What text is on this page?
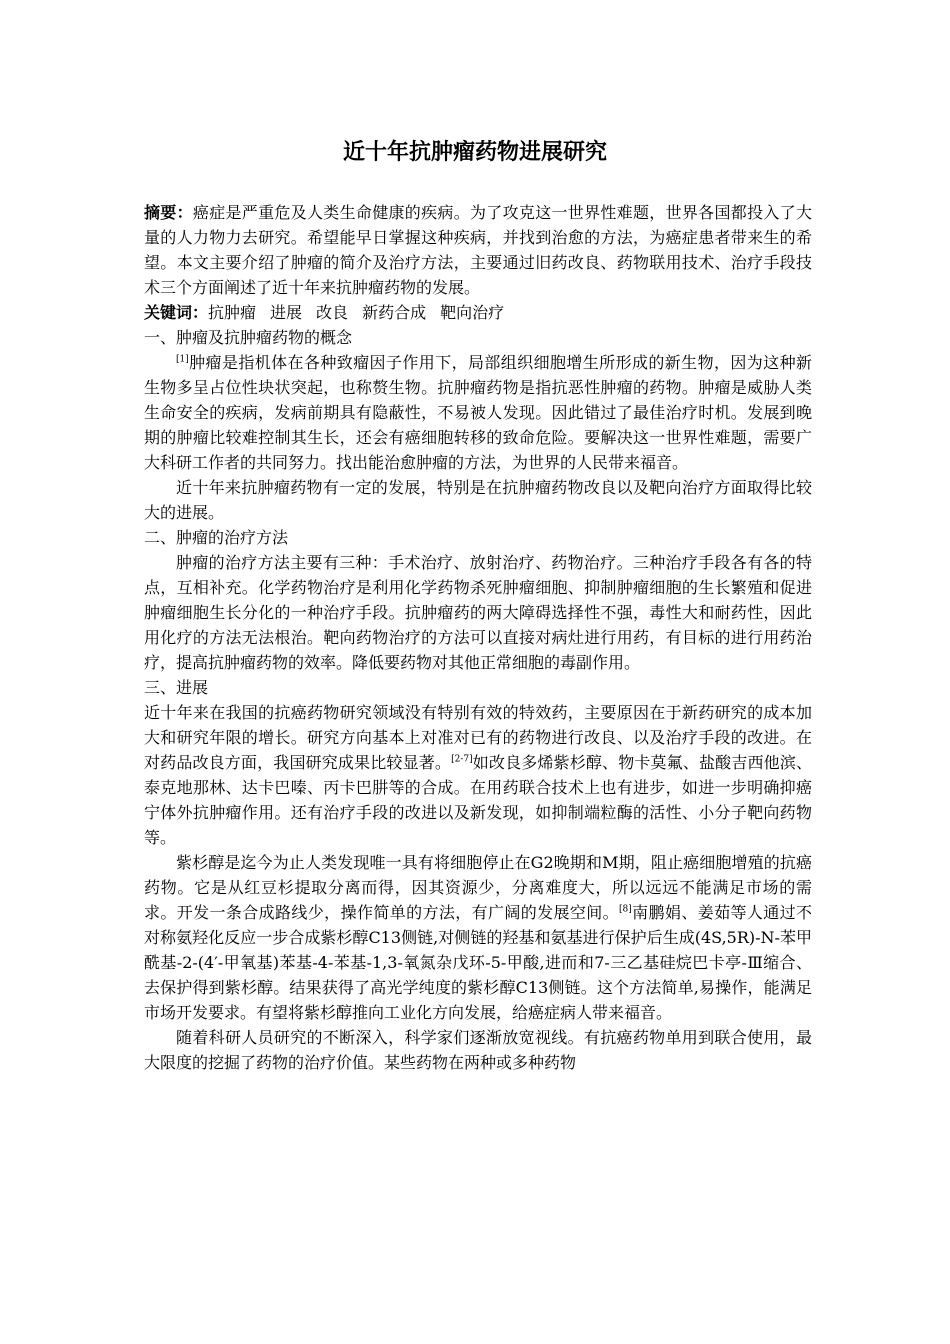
近十年抗肿瘤药物进展研究

摘要：癌症是严重危及人类生命健康的疾病。为了攻克这一世界性难题，世界各国都投入了大量的人力物力去研究。希望能早日掌握这种疾病，并找到治愈的方法，为癌症患者带来生的希望。本文主要介绍了肿瘤的简介及治疗方法，主要通过旧药改良、药物联用技术、治疗手段技术三个方面阐述了近十年来抗肿瘤药物的发展。

关键词：抗肿瘤 进展 改良 新药合成 靶向治疗

一、肿瘤及抗肿瘤药物的概念

[1]肿瘤是指机体在各种致瘤因子作用下，局部组织细胞增生所形成的新生物，因为这种新生物多呈占位性块状突起，也称赘生物。抗肿瘤药物是指抗恶性肿瘤的药物。肿瘤是威胁人类生命安全的疾病，发病前期具有隐蔽性，不易被人发现。因此错过了最佳治疗时机。发展到晚期的肿瘤比较难控制其生长，还会有癌细胞转移的致命危险。要解决这一世界性难题，需要广大科研工作者的共同努力。找出能治愈肿瘤的方法，为世界的人民带来福音。

近十年来抗肿瘤药物有一定的发展，特别是在抗肿瘤药物改良以及靶向治疗方面取得比较大的进展。

二、肿瘤的治疗方法

肿瘤的治疗方法主要有三种：手术治疗、放射治疗、药物治疗。三种治疗手段各有各的特点，互相补充。化学药物治疗是利用化学药物杀死肿瘤细胞、抑制肿瘤细胞的生长繁殖和促进肿瘤细胞生长分化的一种治疗手段。抗肿瘤药的两大障碍选择性不强，毒性大和耐药性，因此用化疗的方法无法根治。靶向药物治疗的方法可以直接对病灶进行用药，有目标的进行用药治疗，提高抗肿瘤药物的效率。降低要药物对其他正常细胞的毒副作用。

三、进展

近十年来在我国的抗癌药物研究领域没有特别有效的特效药，主要原因在于新药研究的成本加大和研究年限的增长。研究方向基本上对准对已有的药物进行改良、以及治疗手段的改进。在对药品改良方面，我国研究成果比较显著。[2-7]如改良多烯紫杉醇、物卡莫氟、盐酸吉西他滨、泰克地那林、达卡巴嗪、丙卡巴肼等的合成。在用药联合技术上也有进步，如进一步明确抑癌宁体外抗肿瘤作用。还有治疗手段的改进以及新发现，如抑制端粒酶的活性、小分子靶向药物等。

紫杉醇是迄今为止人类发现唯一具有将细胞停止在G2晚期和M期，阻止癌细胞增殖的抗癌药物。它是从红豆杉提取分离而得，因其资源少，分离难度大，所以远远不能满足市场的需求。开发一条合成路线少，操作简单的方法，有广阔的发展空间。[8]南鹏娟、姜茹等人通过不对称氨羟化反应一步合成紫杉醇C13侧链,对侧链的羟基和氨基进行保护后生成(4S,5R)-N-苯甲酰基-2-(4′-甲氧基)苯基-4-苯基-1,3-氧氮杂戊环-5-甲酸,进而和7-三乙基硅烷巴卡亭-Ⅲ缩合、去保护得到紫杉醇。结果获得了高光学纯度的紫杉醇C13侧链。这个方法简单,易操作，能满足市场开发要求。有望将紫杉醇推向工业化方向发展，给癌症病人带来福音。

随着科研人员研究的不断深入，科学家们逐渐放宽视线。有抗癌药物单用到联合使用，最大限度的挖掘了药物的治疗价值。某些药物在两种或多种药物
